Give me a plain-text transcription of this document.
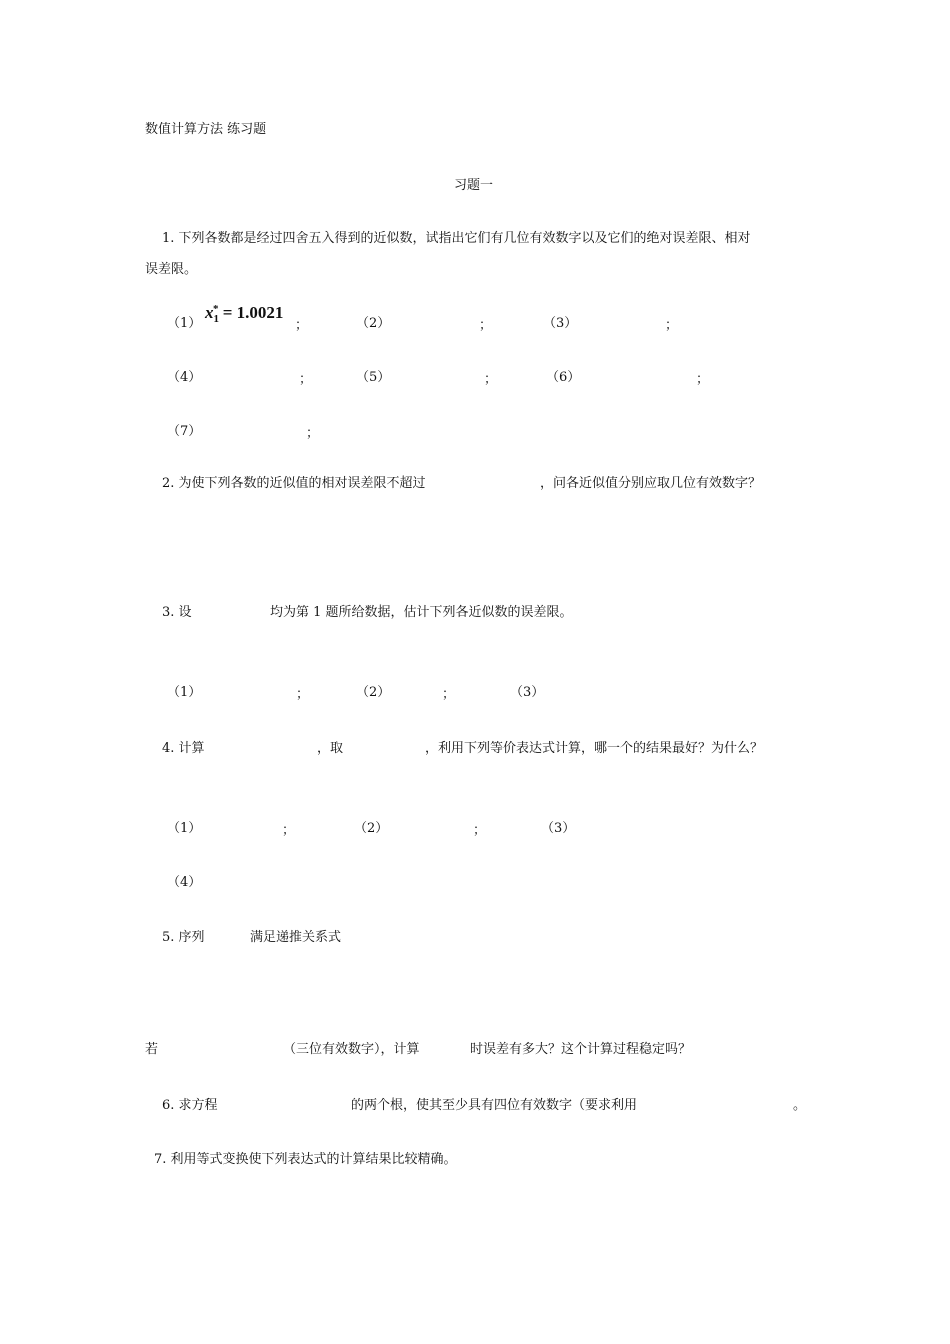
数值计算方法 练习题
习题一
1. 下列各数都是经过四舍五入得到的近似数，试指出它们有几位有效数字以及它们的绝对误差限、相对
误差限。
（1）
$x_1^* = 1.0021$
；	（2）	；	（3）	；
（4）	；	（5）	；	（6）	；
（7）	；
2. 为使下列各数的近似值的相对误差限不超过	，问各近似值分别应取几位有效数字？
3. 设	均为第 1 题所给数据，估计下列各近似数的误差限。
（1）	；	（2）	；	（3）
4. 计算	，取	，利用下列等价表达式计算，哪一个的结果最好？为什么？
（1）	；	（2）	；	（3）
（4）
5. 序列	满足递推关系式
若	（三位有效数字），计算	时误差有多大？这个计算过程稳定吗？
6. 求方程	的两个根，使其至少具有四位有效数字（要求利用	。
7. 利用等式变换使下列表达式的计算结果比较精确。
